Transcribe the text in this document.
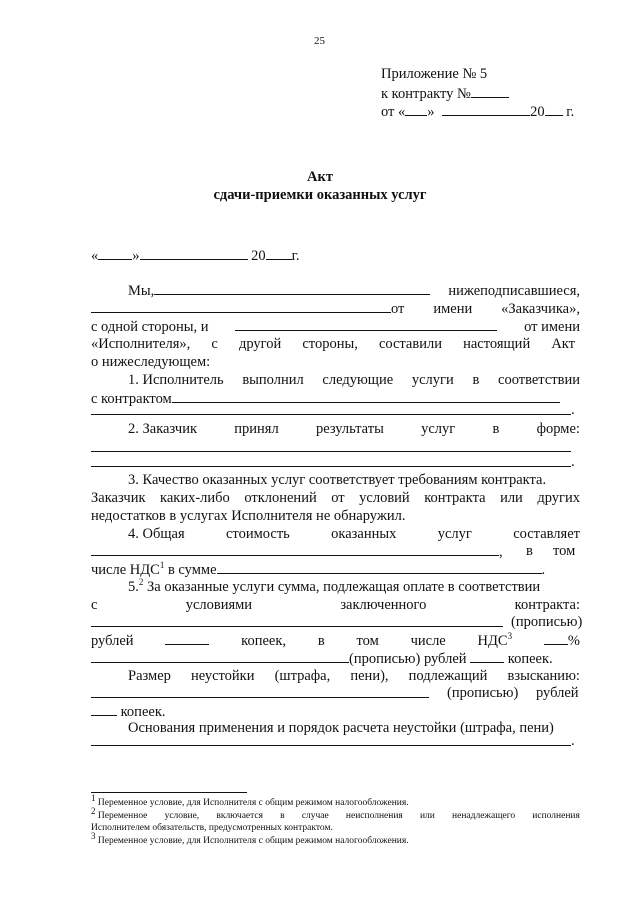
25
Приложение № 5
к контракту №
от « »	20 г.
Акт
сдачи-приемки оказанных услуг
« »	20 г.
Мы,	нижеподписавшиеся,
от имени «Заказчика»,
с одной стороны, и	от имени
«Исполнителя», с другой стороны, составили настоящий Акт
о нижеследующем:
1. Исполнитель выполнил следующие услуги в соответствии
с контрактом
.
2. Заказчик	принял	результаты	услуг	в	форме:
.
3. Качество оказанных услуг соответствует требованиям контракта.
Заказчик каких-либо отклонений от условий контракта или других
недостатков в услугах Исполнителя не обнаружил.
4. Общая	стоимость	оказанных	услуг	составляет
, в том
числе НДС$^1$ в сумме	.
5.$^2$ За оказанные услуги сумма, подлежащая оплате в соответствии
с	условиями	заключенного	контракта:
(прописью)
рублей	копеек, в том числе НДС$^3$	%
(прописью) рублей	копеек.
Размер неустойки (штрафа, пени), подлежащий взысканию:
(прописью) рублей
копеек.
Основания применения и порядок расчета неустойки (штрафа, пени)
.
$^1$ Переменное условие, для Исполнителя с общим режимом налогообложения.
$^2$ Переменное условие, включается в случае неисполнения или ненадлежащего исполнения
Исполнителем обязательств, предусмотренных контрактом.
$^3$ Переменное условие, для Исполнителя с общим режимом налогообложения.
